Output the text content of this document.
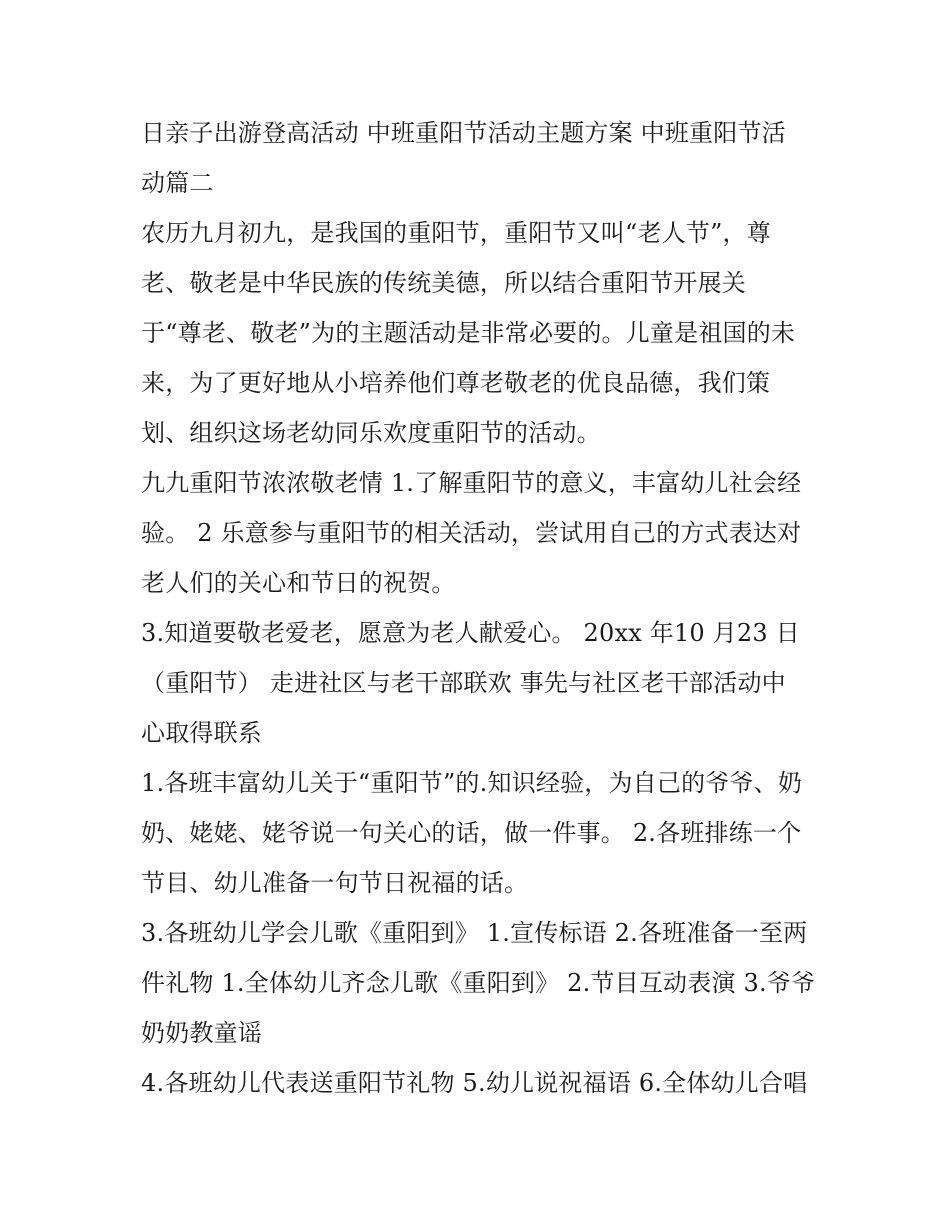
日亲子出游登高活动 中班重阳节活动主题方案 中班重阳节活
动篇二
农历九月初九，是我国的重阳节，重阳节又叫“老人节”，尊
老、敬老是中华民族的传统美德，所以结合重阳节开展关
于“尊老、敬老”为的主题活动是非常必要的。儿童是祖国的未
来，为了更好地从小培养他们尊老敬老的优良品德，我们策
划、组织这场老幼同乐欢度重阳节的活动。
九九重阳节浓浓敬老情 1.了解重阳节的意义，丰富幼儿社会经
验。 2 乐意参与重阳节的相关活动，尝试用自己的方式表达对
老人们的关心和节日的祝贺。
3.知道要敬老爱老，愿意为老人献爱心。 20xx 年10 月23 日
（重阳节） 走进社区与老干部联欢 事先与社区老干部活动中
心取得联系
1.各班丰富幼儿关于“重阳节”的.知识经验，为自己的爷爷、奶
奶、姥姥、姥爷说一句关心的话，做一件事。 2.各班排练一个
节目、幼儿准备一句节日祝福的话。
3.各班幼儿学会儿歌《重阳到》 1.宣传标语 2.各班准备一至两
件礼物 1.全体幼儿齐念儿歌《重阳到》 2.节目互动表演 3.爷爷
奶奶教童谣
4.各班幼儿代表送重阳节礼物 5.幼儿说祝福语 6.全体幼儿合唱
